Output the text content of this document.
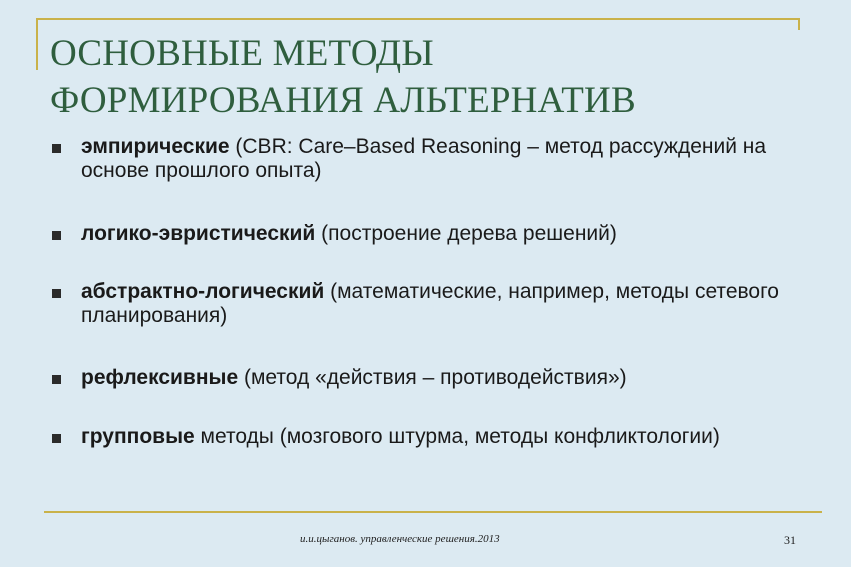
ОСНОВНЫЕ МЕТОДЫ
ФОРМИРОВАНИЯ АЛЬТЕРНАТИВ
эмпирические (CBR: Care–Based Reasoning – метод рассуждений на основе прошлого опыта)
логико-эвристический (построение дерева решений)
абстрактно-логический (математические, например, методы сетевого планирования)
рефлексивные (метод «действия – противодействия»)
групповые методы (мозгового штурма, методы конфликтологии)
и.и.цыганов. управленческие решения.2013	31
